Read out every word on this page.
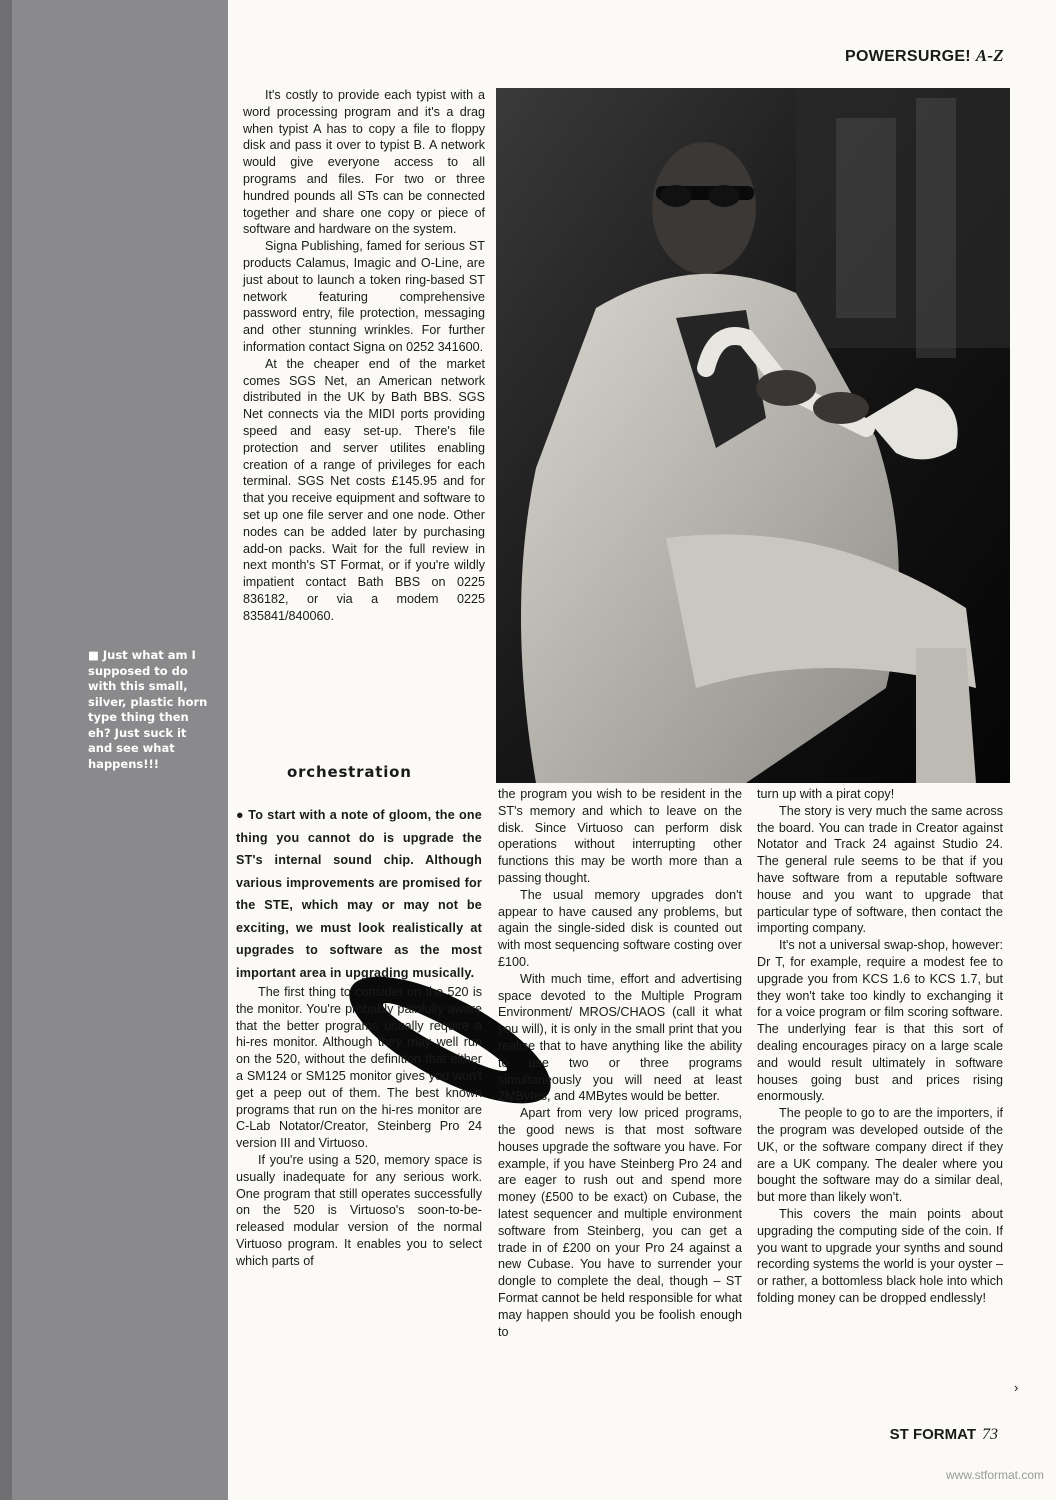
■ Just what am I supposed to do with this small, silver, plastic horn type thing then eh? Just suck it and see what happens!!!

POWERSURGE! A-Z

It's costly to provide each typist with a word processing program and it's a drag when typist A has to copy a file to floppy disk and pass it over to typist B. A network would give everyone access to all programs and files. For two or three hundred pounds all STs can be connected together and share one copy or piece of software and hardware on the system.

Signa Publishing, famed for serious ST products Calamus, Imagic and O-Line, are just about to launch a token ring-based ST network featuring comprehensive password entry, file protection, messaging and other stunning wrinkles. For further information contact Signa on 0252 341600.

At the cheaper end of the market comes SGS Net, an American network distributed in the UK by Bath BBS. SGS Net connects via the MIDI ports providing speed and easy set-up. There's file protection and server utilites enabling creation of a range of privileges for each terminal. SGS Net costs £145.95 and for that you receive equipment and software to set up one file server and one node. Other nodes can be added later by purchasing add-on packs. Wait for the full review in next month's ST Format, or if you're wildly impatient contact Bath BBS on 0225 836182, or via a modem 0225 835841/840060.

orchestration

● To start with a note of gloom, the one thing you cannot do is upgrade the ST's internal sound chip. Although various improvements are promised for the STE, which may or may not be exciting, we must look realistically at upgrades to software as the most important area in upgrading musically.

The first thing to consider on the 520 is the monitor. You're probably painfully aware that the better programs usually require a hi-res monitor. Although they may well run on the 520, without the definition that either a SM124 or SM125 monitor gives you won't get a peep out of them. The best known programs that run on the hi-res monitor are C-Lab Notator/Creator, Steinberg Pro 24 version III and Virtuoso.

If you're using a 520, memory space is usually inadequate for any serious work. One program that still operates successfully on the 520 is Virtuoso's soon-to-be-released modular version of the normal Virtuoso program. It enables you to select which parts of

the program you wish to be resident in the ST's memory and which to leave on the disk. Since Virtuoso can perform disk operations without interrupting other functions this may be worth more than a passing thought.

The usual memory upgrades don't appear to have caused any problems, but again the single-sided disk is counted out with most sequencing software costing over £100.

With much time, effort and advertising space devoted to the Multiple Program Environment/ MROS/CHAOS (call it what you will), it is only in the small print that you realise that to have anything like the ability to use two or three programs simultaneously you will need at least 2MBytes, and 4MBytes would be better.

Apart from very low priced programs, the good news is that most software houses upgrade the software you have. For example, if you have Steinberg Pro 24 and are eager to rush out and spend more money (£500 to be exact) on Cubase, the latest sequencer and multiple environment software from Steinberg, you can get a trade in of £200 on your Pro 24 against a new Cubase. You have to surrender your dongle to complete the deal, though – ST Format cannot be held responsible for what may happen should you be foolish enough to

turn up with a pirat copy!

The story is very much the same across the board. You can trade in Creator against Notator and Track 24 against Studio 24. The general rule seems to be that if you have software from a reputable software house and you want to upgrade that particular type of software, then contact the importing company.

It's not a universal swap-shop, however: Dr T, for example, require a modest fee to upgrade you from KCS 1.6 to KCS 1.7, but they won't take too kindly to exchanging it for a voice program or film scoring software. The underlying fear is that this sort of dealing encourages piracy on a large scale and would result ultimately in software houses going bust and prices rising enormously.

The people to go to are the importers, if the program was developed outside of the UK, or the software company direct if they are a UK company. The dealer where you bought the software may do a similar deal, but more than likely won't.

This covers the main points about upgrading the computing side of the coin. If you want to upgrade your synths and sound recording systems the world is your oyster – or rather, a bottomless black hole into which folding money can be dropped endlessly!

›

ST FORMAT 73

www.stformat.com
